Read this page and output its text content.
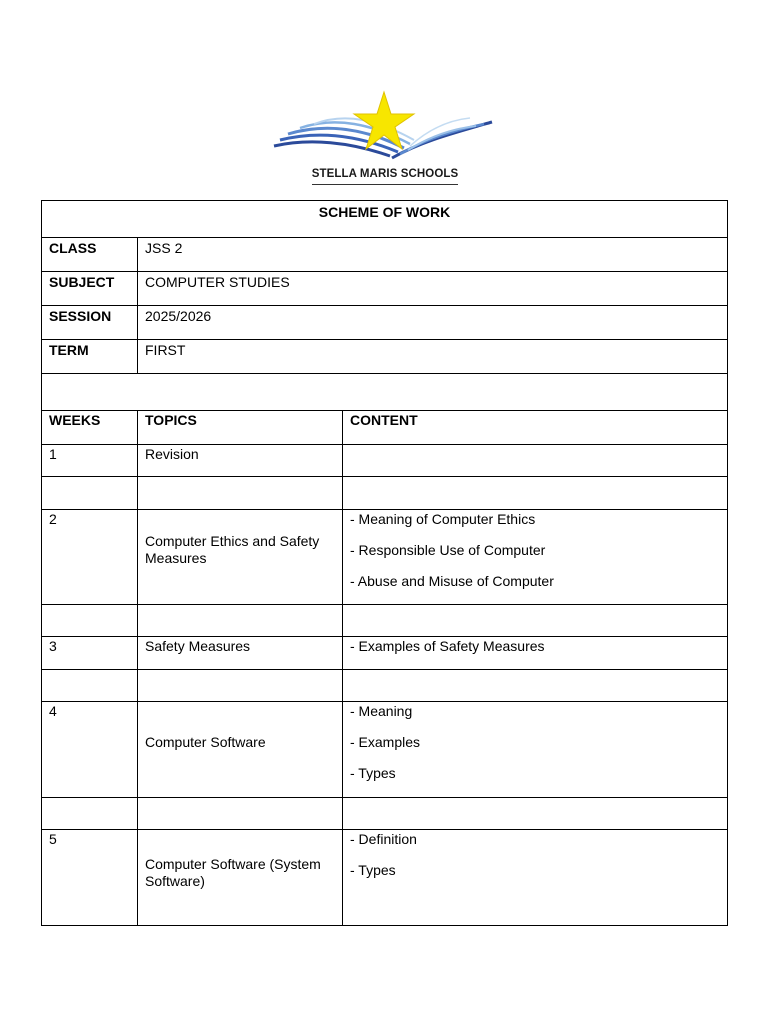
STELLA MARIS SCHOOLS
SCHEME OF WORK		
CLASS	JSS 2	
SUBJECT	COMPUTER STUDIES	
SESSION	2025/2026	
TERM	FIRST	

WEEKS	TOPICS	CONTENT
1	Revision	

2	Computer Ethics and Safety Measures	- Meaning of Computer Ethics
- Responsible Use of Computer
- Abuse and Misuse of Computer

3	Safety Measures	- Examples of Safety Measures

4	Computer Software	- Meaning
- Examples
- Types

5	Computer Software (System Software)	- Definition
- Types
